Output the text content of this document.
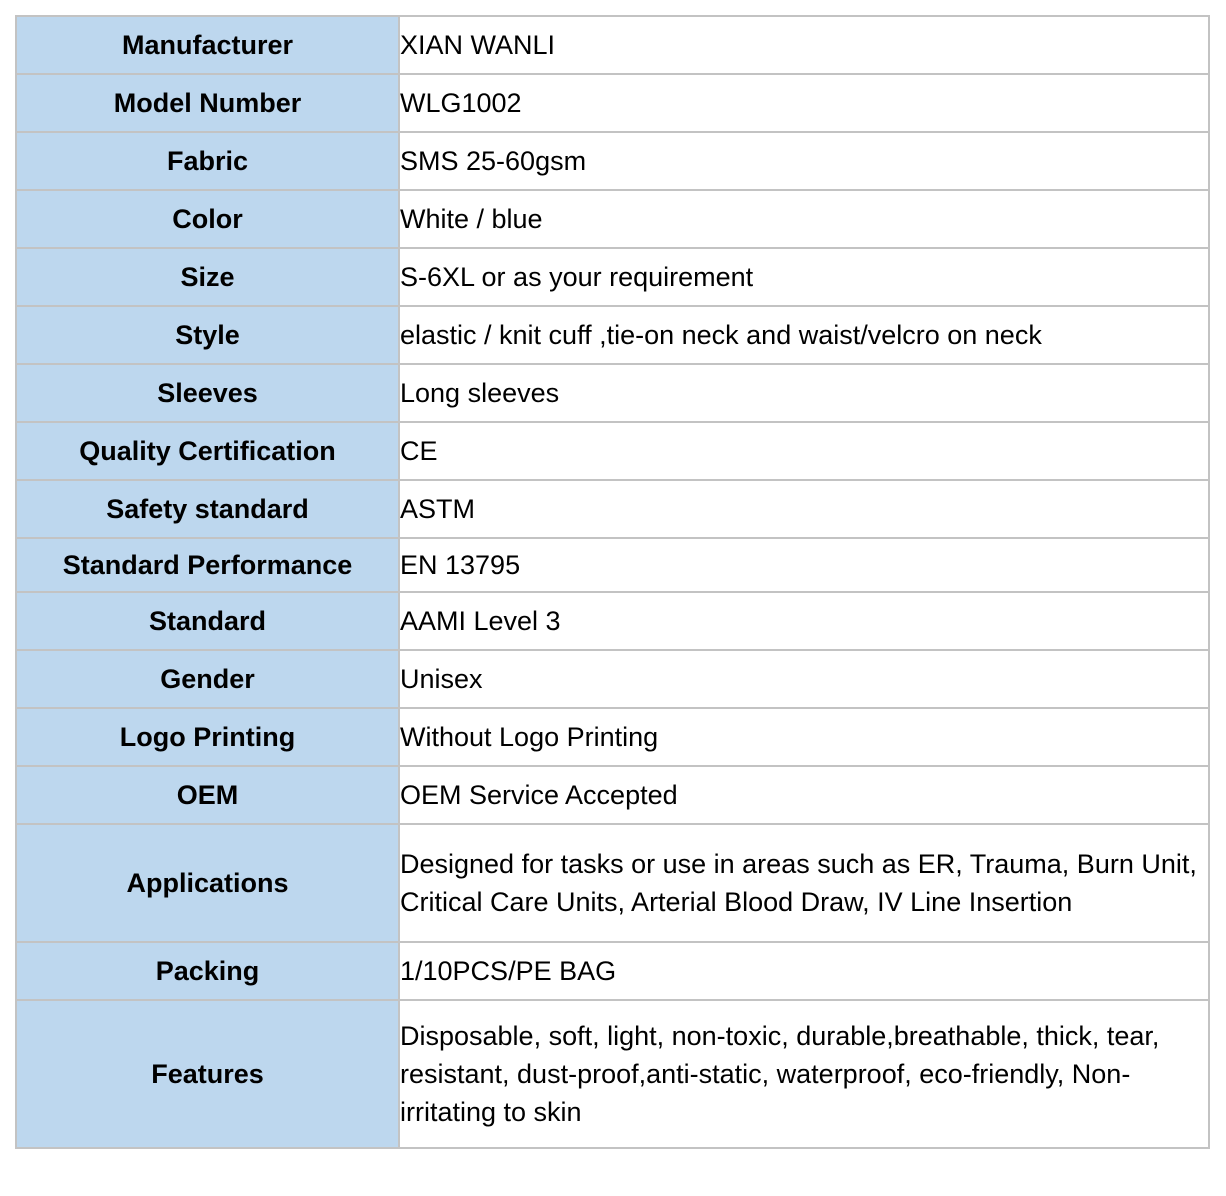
Manufacturer	XIAN WANLI
Model Number	WLG1002
Fabric	SMS 25-60gsm
Color	White / blue
Size	S-6XL or as your requirement
Style	elastic / knit cuff ,tie-on neck and waist/velcro on neck
Sleeves	Long sleeves
Quality Certification	CE
Safety standard	ASTM
Standard Performance	EN 13795
Standard	AAMI Level 3
Gender	Unisex
Logo Printing	Without Logo Printing
OEM	OEM Service Accepted
Applications	Designed for tasks or use in areas such as ER, Trauma, Burn Unit, Critical Care Units, Arterial Blood Draw, IV Line Insertion
Packing	1/10PCS/PE BAG
Features	Disposable, soft, light, non-toxic, durable,breathable, thick, tear, resistant, dust-proof,anti-static, waterproof, eco-friendly, Non-irritating to skin
